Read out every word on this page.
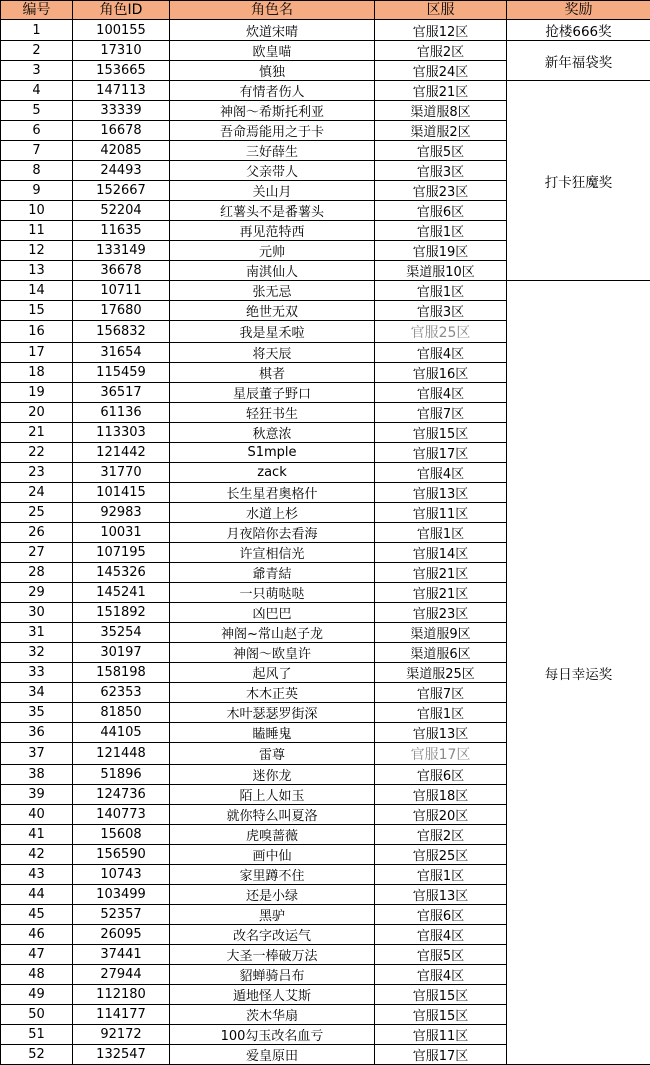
编号	角色ID	角色名	区服	奖励
1	100155	炊道宋晴	官服12区	抢楼666奖
2	17310	欧皇喵	官服2区	新年福袋奖
3	153665	慎独	官服24区	
4	147113	有情者伤人	官服21区	打卡狂魔奖
5	33339	神阁～希斯托利亚	渠道服8区	
6	16678	吾命焉能用之于卡	渠道服2区	
7	42085	三好薛生	官服5区	
8	24493	父亲带人	官服3区	
9	152667	关山月	官服23区	
10	52204	红薯头不是番薯头	官服6区	
11	11635	再见范特西	官服1区	
12	133149	元帅	官服19区	
13	36678	南淇仙人	渠道服10区	
14	10711	张无忌	官服1区	每日幸运奖
15	17680	绝世无双	官服3区	
16	156832	我是星禾啦	官服25区	
17	31654	将天辰	官服4区	
18	115459	棋者	官服16区	
19	36517	星辰董子野口	官服4区	
20	61136	轻狂书生	官服7区	
21	113303	秋意浓	官服15区	
22	121442	S1mple	官服17区	
23	31770	zack	官服4区	
24	101415	长生星君奥格什	官服13区	
25	92983	水道上杉	官服11区	
26	10031	月夜陪你去看海	官服1区	
27	107195	许宣相信光	官服14区	
28	145326	爺青結	官服21区	
29	145241	一只萌哒哒	官服21区	
30	151892	凶巴巴	官服23区	
31	35254	神阁~常山赵子龙	渠道服9区	
32	30197	神阁～欧皇许	渠道服6区	
33	158198	起风了	渠道服25区	
34	62353	木木正英	官服7区	
35	81850	木叶瑟瑟罗街深	官服1区	
36	44105	瞌睡鬼	官服13区	
37	121448	雷尊	官服17区	
38	51896	迷你龙	官服6区	
39	124736	陌上人如玉	官服18区	
40	140773	就你特么叫夏洛	官服20区	
41	15608	虎嗅蔷薇	官服2区	
42	156590	画中仙	官服25区	
43	10743	家里蹲不住	官服1区	
44	103499	还是小绿	官服13区	
45	52357	黑驴	官服6区	
46	26095	改名字改运气	官服4区	
47	37441	大圣一棒破万法	官服5区	
48	27944	貂蝉骑吕布	官服4区	
49	112180	遁地怪人艾斯	官服15区	
50	114177	茨木华扇	官服15区	
51	92172	100勾玉改名血亏	官服11区	
52	132547	爱皇原田	官服17区	
